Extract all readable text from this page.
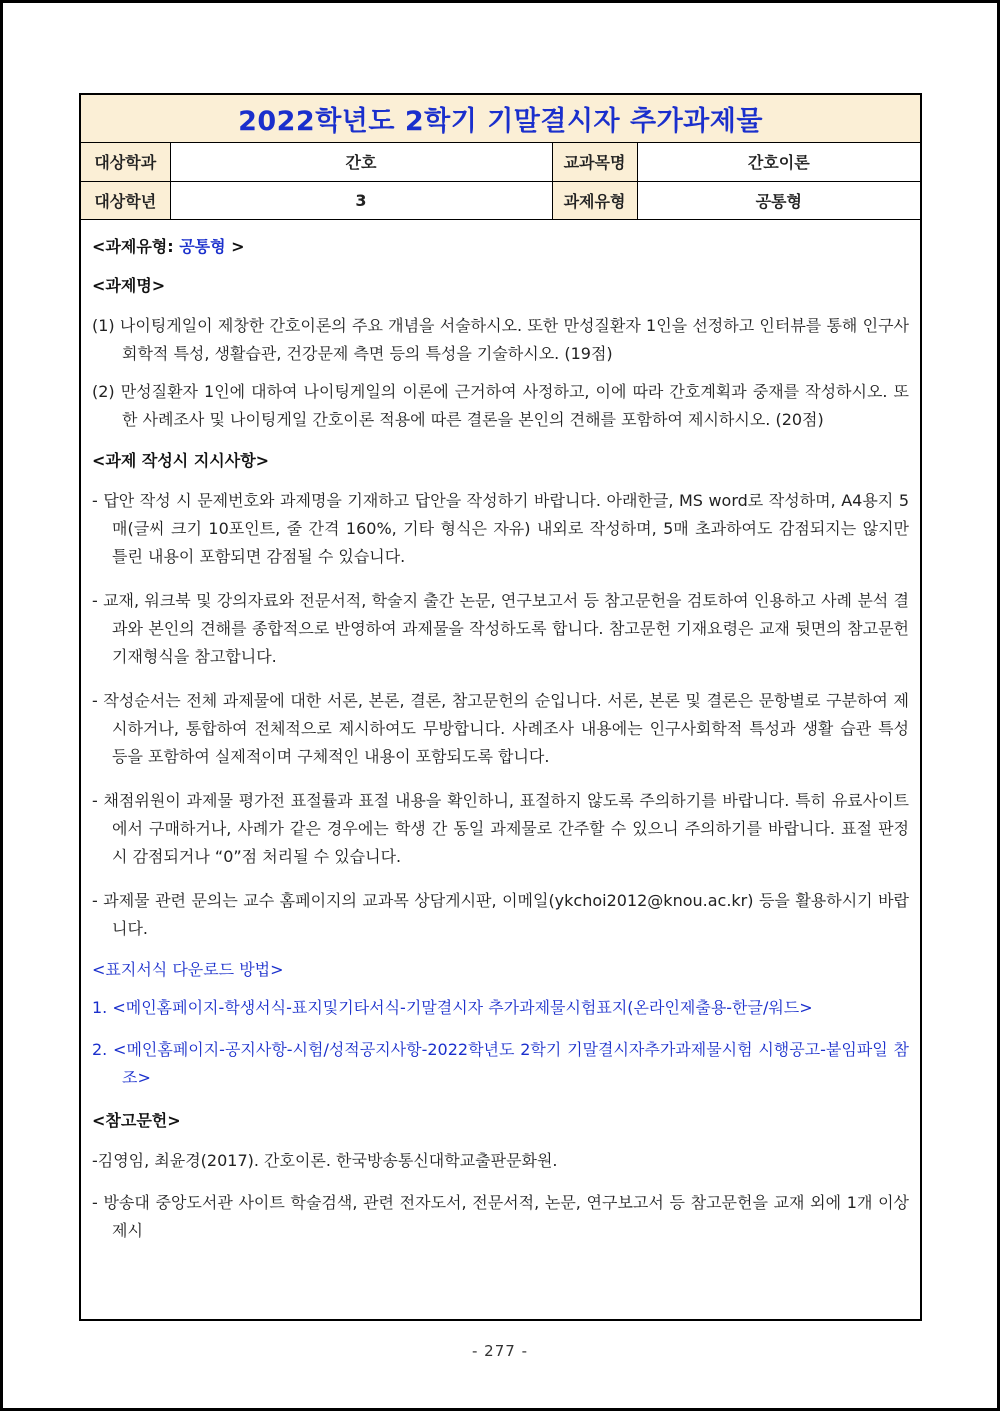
2022학년도 2학기 기말결시자 추가과제물
대상학과	간호	교과목명	간호이론
대상학년	3	과제유형	공통형
<과제유형: 공통형 >
<과제명>

(1) 나이팅게일이 제창한 간호이론의 주요 개념을 서술하시오. 또한 만성질환자 1인을 선정하고 인터뷰를 통해 인구사회학적 특성, 생활습관, 건강문제 측면 등의 특성을 기술하시오. (19점)

(2) 만성질환자 1인에 대하여 나이팅게일의 이론에 근거하여 사정하고, 이에 따라 간호계획과 중재를 작성하시오. 또한 사례조사 및 나이팅게일 간호이론 적용에 따른 결론을 본인의 견해를 포함하여 제시하시오. (20점)

<과제 작성시 지시사항>

- 답안 작성 시 문제번호와 과제명을 기재하고 답안을 작성하기 바랍니다. 아래한글, MS word로 작성하며, A4용지 5매(글씨 크기 10포인트, 줄 간격 160%, 기타 형식은 자유) 내외로 작성하며, 5매 초과하여도 감점되지는 않지만 틀린 내용이 포함되면 감점될 수 있습니다.

- 교재, 워크북 및 강의자료와 전문서적, 학술지 출간 논문, 연구보고서 등 참고문헌을 검토하여 인용하고 사례 분석 결과와 본인의 견해를 종합적으로 반영하여 과제물을 작성하도록 합니다. 참고문헌 기재요령은 교재 뒷면의 참고문헌 기재형식을 참고합니다.

- 작성순서는 전체 과제물에 대한 서론, 본론, 결론, 참고문헌의 순입니다. 서론, 본론 및 결론은 문항별로 구분하여 제시하거나, 통합하여 전체적으로 제시하여도 무방합니다. 사례조사 내용에는 인구사회학적 특성과 생활 습관 특성 등을 포함하여 실제적이며 구체적인 내용이 포함되도록 합니다.

- 채점위원이 과제물 평가전 표절률과 표절 내용을 확인하니, 표절하지 않도록 주의하기를 바랍니다. 특히 유료사이트에서 구매하거나, 사례가 같은 경우에는 학생 간 동일 과제물로 간주할 수 있으니 주의하기를 바랍니다. 표절 판정 시 감점되거나 “0”점 처리될 수 있습니다.

- 과제물 관련 문의는 교수 홈페이지의 교과목 상담게시판, 이메일(ykchoi2012@knou.ac.kr) 등을 활용하시기 바랍니다.

<표지서식 다운로드 방법>

1. <메인홈페이지-학생서식-표지및기타서식-기말결시자 추가과제물시험표지(온라인제출용-한글/워드>

2. <메인홈페이지-공지사항-시험/성적공지사항-2022학년도 2학기 기말결시자추가과제물시험 시행공고-붙임파일 참조>

<참고문헌>

-김영임, 최윤경(2017). 간호이론. 한국방송통신대학교출판문화원.

- 방송대 중앙도서관 사이트 학술검색, 관련 전자도서, 전문서적, 논문, 연구보고서 등 참고문헌을 교재 외에 1개 이상 제시

- 277 -
